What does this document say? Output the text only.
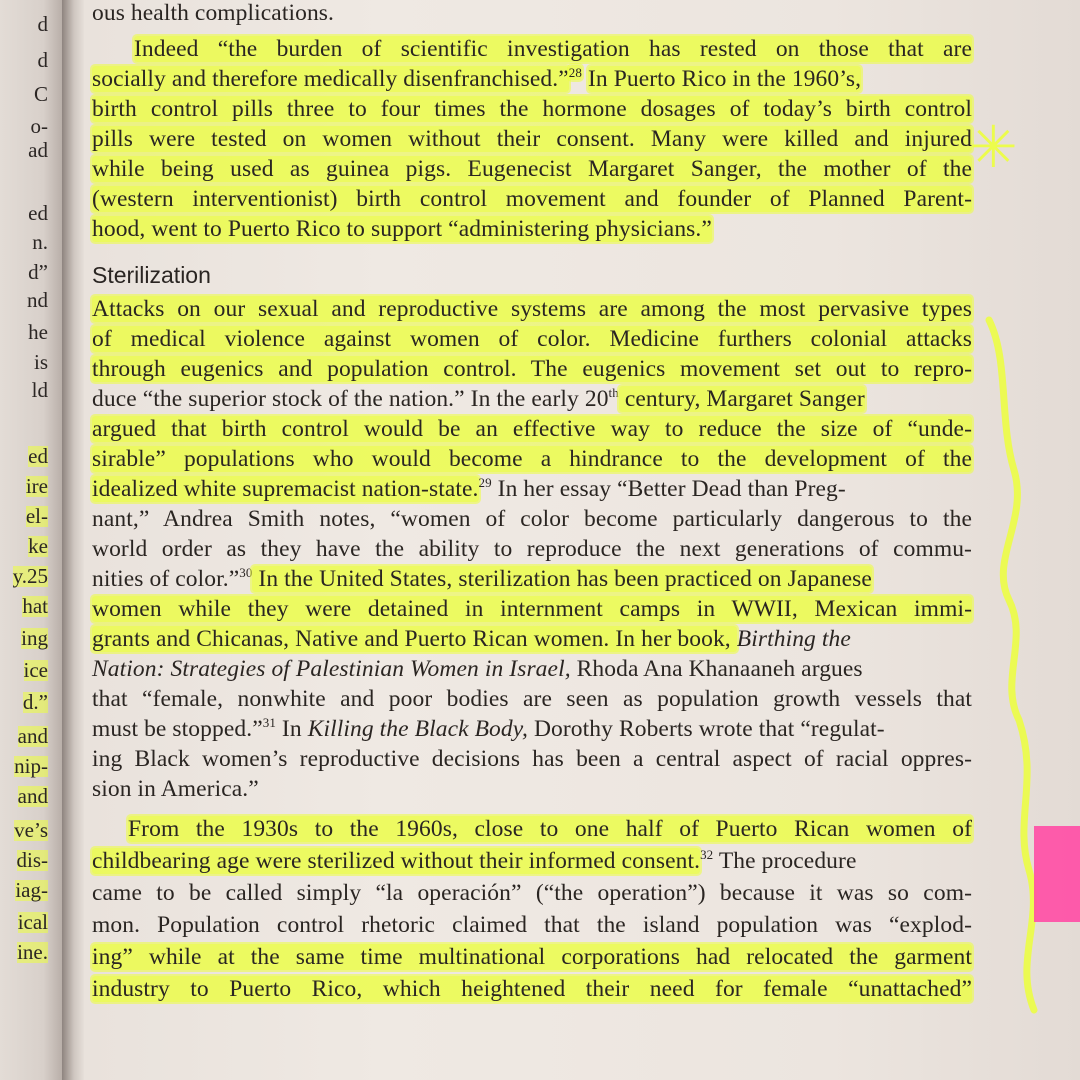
d
d
C
o-
ad
ed
n.
d”
nd
he
is
ld
ed
ire
el-
ke
y.25
hat
ing
ice
d.”
and
nip-
and
ve’s
dis-
iag-
ical
ine.
ous health complications.
Indeed “the burden of scientific investigation has rested on those that are
socially and therefore medically disenfranchised.”$^{28}$ In Puerto Rico in the 1960’s,
birth control pills three to four times the hormone dosages of today’s birth control
pills were tested on women without their consent. Many were killed and injured
while being used as guinea pigs. Eugenecist Margaret Sanger, the mother of the
(western interventionist) birth control movement and founder of Planned Parent-
hood, went to Puerto Rico to support “administering physicians.”
✳
Sterilization
Attacks on our sexual and reproductive systems are among the most pervasive types
of medical violence against women of color. Medicine furthers colonial attacks
through eugenics and population control. The eugenics movement set out to repro-
duce “the superior stock of the nation.” In the early 20th century, Margaret Sanger
argued that birth control would be an effective way to reduce the size of “unde-
sirable” populations who would become a hindrance to the development of the
idealized white supremacist nation-state.$^{29}$ In her essay “Better Dead than Preg-
nant,” Andrea Smith notes, “women of color become particularly dangerous to the
world order as they have the ability to reproduce the next generations of commu-
nities of color.”$^{30}$ In the United States, sterilization has been practiced on Japanese
women while they were detained in internment camps in WWII, Mexican immi-
grants and Chicanas, Native and Puerto Rican women. In her book, Birthing the
Nation: Strategies of Palestinian Women in Israel, Rhoda Ana Khanaaneh argues
that “female, nonwhite and poor bodies are seen as population growth vessels that
must be stopped.”$^{31}$ In Killing the Black Body, Dorothy Roberts wrote that “regulat-
ing Black women’s reproductive decisions has been a central aspect of racial oppres-
sion in America.”
From the 1930s to the 1960s, close to one half of Puerto Rican women of
childbearing age were sterilized without their informed consent.$^{32}$ The procedure
came to be called simply “la operación” (“the operation”) because it was so com-
mon. Population control rhetoric claimed that the island population was “explod-
ing” while at the same time multinational corporations had relocated the garment
industry to Puerto Rico, which heightened their need for female “unattached”
